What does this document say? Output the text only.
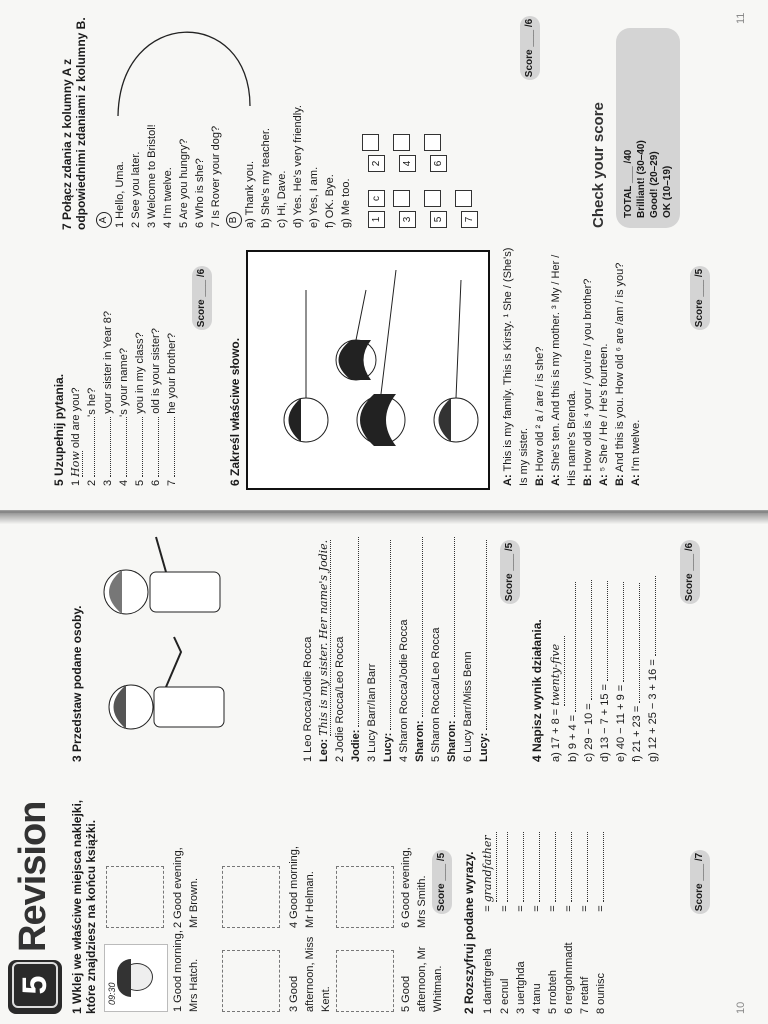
5
Revision
1 Wklej we właściwe miejsca naklejki, które znajdziesz na końcu książki. 09:30
1 Good morning, Mrs Hatch.
2 Good evening, Mr Brown.
3 Good afternoon, Miss Kent.
4 Good morning, Mr Helman.
5 Good afternoon, Mr Whitman.
6 Good evening, Mrs Smith. Score ___ /5
2 Rozszyfruj podane wyrazy.
1 dantfrgreha = grandfather
2 ecnul =
3 uertghda =
4 tanu =
5 rrobteh =
6 rergohnmadt =
7 retahf =
8 ounisc =	Score ___ /7
3 Przedstaw podane osoby.
1 Leo Rocca/Jodie Rocca Leo: This is my sister. Her name's Jodie.
2 Jodie Rocca/Leo Rocca Jodie: 3 Lucy Barr/Ian Barr Lucy: 4 Sharon Rocca/Jodie Rocca Sharon: 5 Sharon Rocca/Leo Rocca Sharon: 6 Lucy Barr/Miss Benn Lucy:
Score ___ /5
4 Napisz wynik działania.
a) 17 + 8 = twenty-five
b) 9 + 4 =
c) 29 − 10 =
d) 13 − 7 + 15 =
e) 40 − 11 + 9 =
f) 21 + 23 =
g) 12 + 25 − 3 + 16 =
Score ___ /6
10
5 Uzupełnij pytania.
1 How old are you?
2 's he?
3  your sister in Year 8?
4 's your name?
5  you in my class?
6  old is your sister?
7  he your brother?
Score ___ /6
6 Zakreśl właściwe słowo.
A: This is my family. This is Kirsty. ¹ She / (She's) Is my sister. B: How old ² a / are / is she?
A: She's ten. And this is my mother. ³ My / Her / His name's Brenda. B: How old is ⁴ your / you're / you brother?
A: ⁵ She / He / He's fourteen.
B: And this is you. How old ⁶ are /am / is you?
A: I'm twelve.
Score ___ /5
7 Połącz zdania z kolumny A z odpowiednimi zdaniami z kolumny B. A
1 Hello, Uma.
2 See you later.
3 Welcome to Bristol!
4 I'm twelve.
5 Are you hungry?
6 Who is she?
7 Is Rover your dog?
B a) Thank you.
b) She's my teacher.
c) Hi, Dave.
d) Yes. He's very friendly.
e) Yes, I am.
f) OK. Bye.
g) Me too.
1c2
34
56
7
Score ___ /6
Check your score TOTAL ___ /40 Brilliant! (30–40) Good! (20–29) OK (10–19)
11
